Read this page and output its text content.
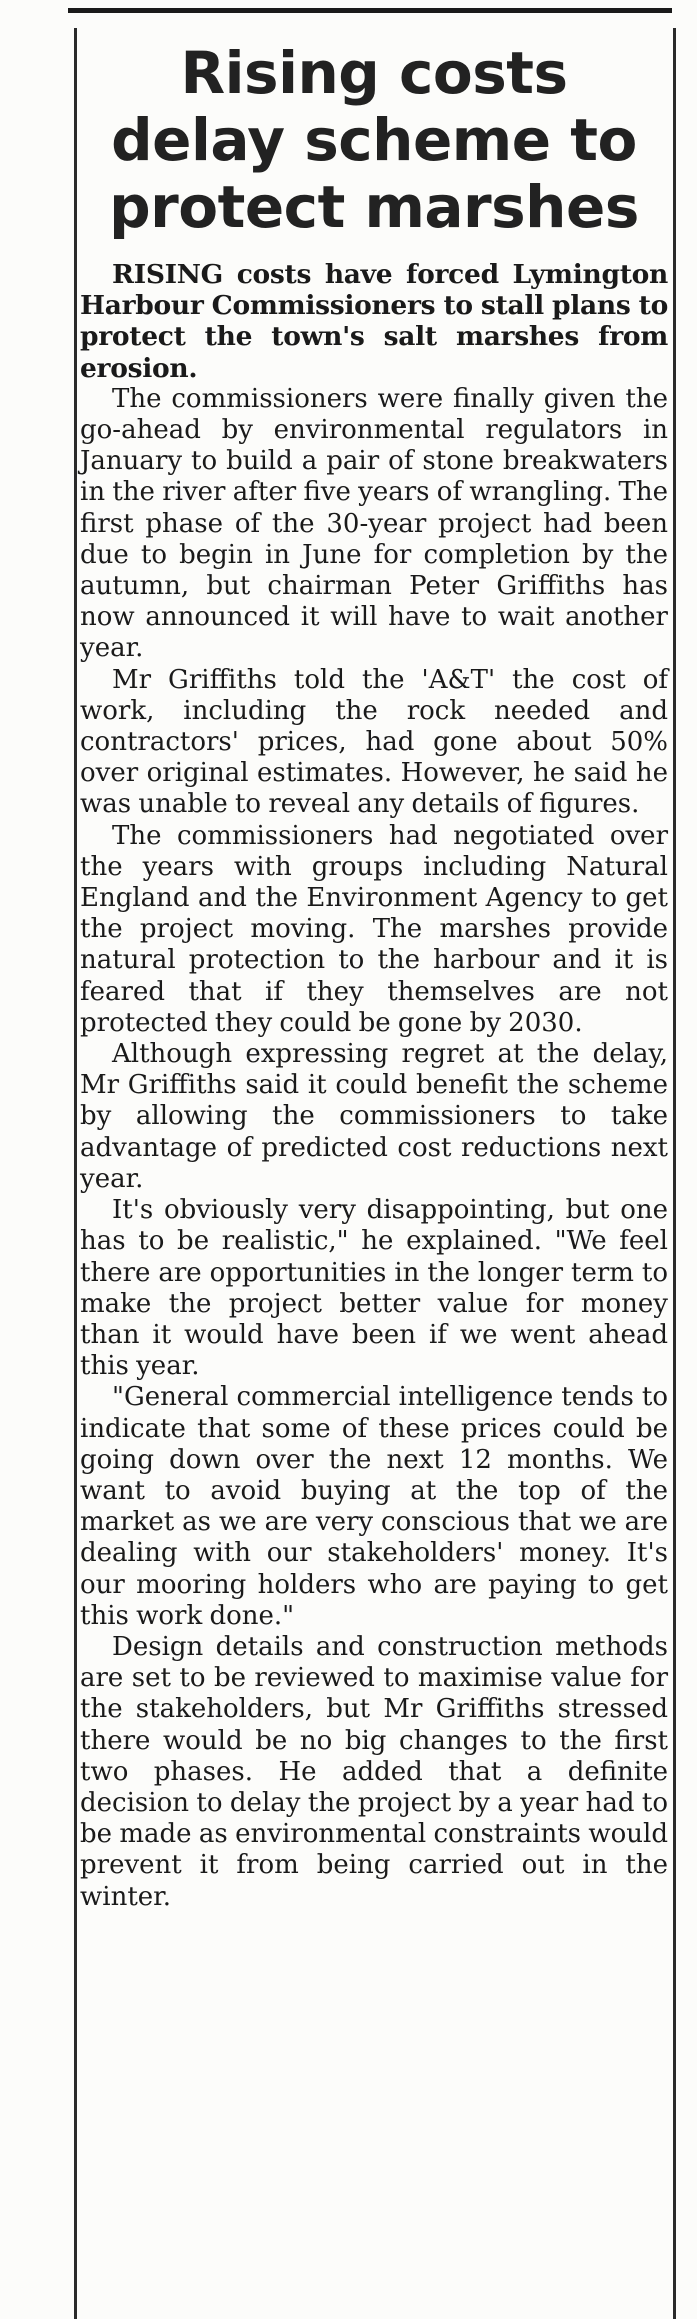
Rising costs delay scheme to protect marshes

RISING costs have forced Lymington Harbour Commissioners to stall plans to protect the town's salt marshes from erosion.

The commissioners were finally given the go-ahead by environmental regulators in January to build a pair of stone breakwaters in the river after five years of wrangling. The first phase of the 30-year project had been due to begin in June for completion by the autumn, but chairman Peter Griffiths has now announced it will have to wait another year.

Mr Griffiths told the 'A&T' the cost of work, including the rock needed and contractors' prices, had gone about 50% over original estimates. However, he said he was unable to reveal any details of figures.

The commissioners had negotiated over the years with groups including Natural England and the Environment Agency to get the project moving. The marshes provide natural protection to the harbour and it is feared that if they themselves are not protected they could be gone by 2030.

Although expressing regret at the delay, Mr Griffiths said it could benefit the scheme by allowing the commissioners to take advantage of predicted cost reductions next year.

It's obviously very disappointing, but one has to be realistic," he explained. "We feel there are opportunities in the longer term to make the project better value for money than it would have been if we went ahead this year.

"General commercial intelligence tends to indicate that some of these prices could be going down over the next 12 months. We want to avoid buying at the top of the market as we are very conscious that we are dealing with our stakeholders' money. It's our mooring holders who are paying to get this work done."

Design details and construction methods are set to be reviewed to maximise value for the stakeholders, but Mr Griffiths stressed there would be no big changes to the first two phases. He added that a definite decision to delay the project by a year had to be made as environmental constraints would prevent it from being carried out in the winter.
